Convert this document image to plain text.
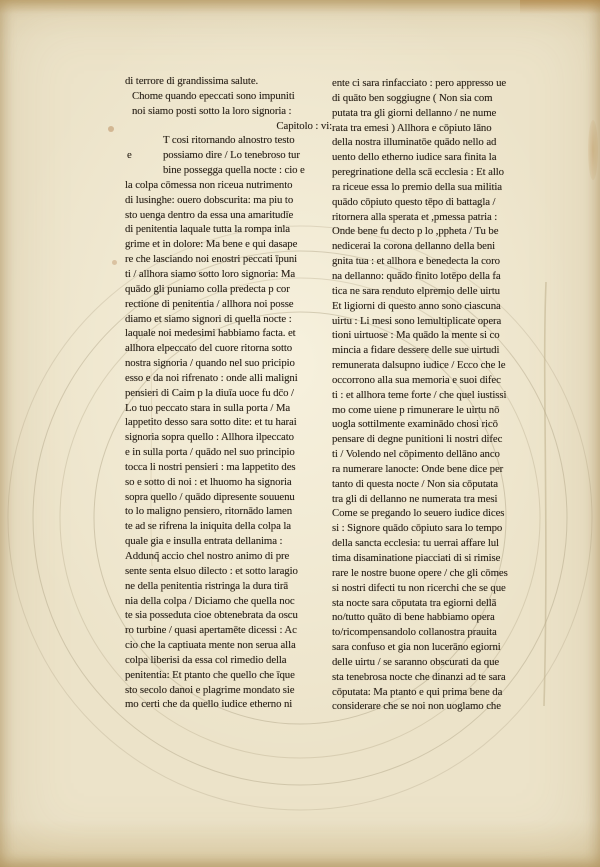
di terrore di grandissima salute.
Chome quando epeccati sono impuniti
noi siamo posti sotto la loro signoria :
Capitolo : vi:
T cosi ritornando alnostro testo
possiamo dire / Lo tenebroso tur
e
bine possegga quella nocte : cio e
la colpa cōmessa non riceua nutrimento
di lusinghe: ouero dobscurita: ma piu to
sto uenga dentro da essa una amaritudīe
di penitentia laquale tutta la rompa inla
grime et in dolore: Ma bene e qui dasape
re che lasciando noi enostri peccati īpuni
ti / allhora siamo sotto loro signoria: Ma
quādo gli puniamo colla predecta p cor
rectione di penitentia / allhora noi posse
diamo et siamo signori di quella nocte :
laquale noi medesimi habbiamo facta. et
allhora elpeccato del cuore ritorna sotto
nostra signoria / quando nel suo pricipio
esso e da noi rifrenato : onde alli maligni
pensieri di Caim p la diuīa uoce fu dc̄o /
Lo tuo peccato stara in sulla porta / Ma
lappetito desso sara sotto dite: et tu harai
signoria sopra quello : Allhora ilpeccato
e in sulla porta / quādo nel suo principio
tocca li nostri pensieri : ma lappetito des
so e sotto di noi : et lhuomo ha signoria
sopra quello / quādo dipresente souuenu
to lo maligno pensiero, ritornādo lamen
te ad se rifrena la iniquita della colpa la
quale gia e insulla entrata dellanima :
Addunq̃ accio chel nostro animo di pre
sente senta elsuo dilecto : et sotto laragio
ne della penitentia ristringa la dura tirā
nia della colpa / Diciamo che quella noc
te sia posseduta cioe obtenebrata da oscu
ro turbine / quasi apertamēte dicessi : Ac
cio che la captiuata mente non serua alla
colpa liberisi da essa col rimedio della
penitentia: Et ptanto che quello che īque
sto secolo danoi e plagrime mondato sie
mo certi che da quello iudice etherno ni
ente ci sara rinfacciato : pero appresso ue
di quāto ben soggiugne ( Non sia com
putata tra gli giorni dellanno / ne nume
rata tra emesi ) Allhora e cōpiuto lāno
della nostra illuminatōe quādo nello ad
uento dello etherno iudice sara finita la
peregrinatione della scā ecclesia : Et allo
ra riceue essa lo premio della sua militia
quādo cōpiuto questo tēpo di battagla /
ritornera alla sperata et ,pmessa patria :
Onde bene fu decto p lo ,ppheta / Tu be
nedicerai la corona dellanno della beni
gnita tua : et allhora e benedecta la coro
na dellanno: quādo finito lotēpo della fa
tica ne sara renduto elpremio delle uirtu
Et ligiorni di questo anno sono ciascuna
uirtu : Li mesi sono lemultiplicate opera
tioni uirtuose : Ma quādo la mente si co
mincia a fidare dessere delle sue uirtudi
remunerata dalsupno iudice / Ecco che le
occorrono alla sua memoria e suoi difec
ti : et allhora teme forte / che quel iustissi
mo come uiene p rimunerare le uirtu nō
uogla sottilmente examinādo chosi ricō
pensare di degne punitioni li nostri difec
ti / Volendo nel cōpimento dellāno anco
ra numerare lanocte: Onde bene dice per
tanto di questa nocte / Non sia cōputata
tra gli di dellanno ne numerata tra mesi
Come se pregando lo seuero iudice dices
si : Signore quādo cōpiuto sara lo tempo
della sancta ecclesia: tu uerrai affare lul
tima disaminatione piacciati di si rimise
rare le nostre buone opere / che gli cōmes
si nostri difecti tu non ricerchi che se que
sta nocte sara cōputata tra egiorni dellā
no/tutto quāto di bene habbiamo opera
to/ricompensandolo collanostra prauita
sara confuso et gia non lucerāno egiorni
delle uirtu / se saranno obscurati da que
sta tenebrosa nocte che dinanzi ad te sara
cōputata: Ma ptanto e qui prima bene da
considerare che se noi non uoglamo che
